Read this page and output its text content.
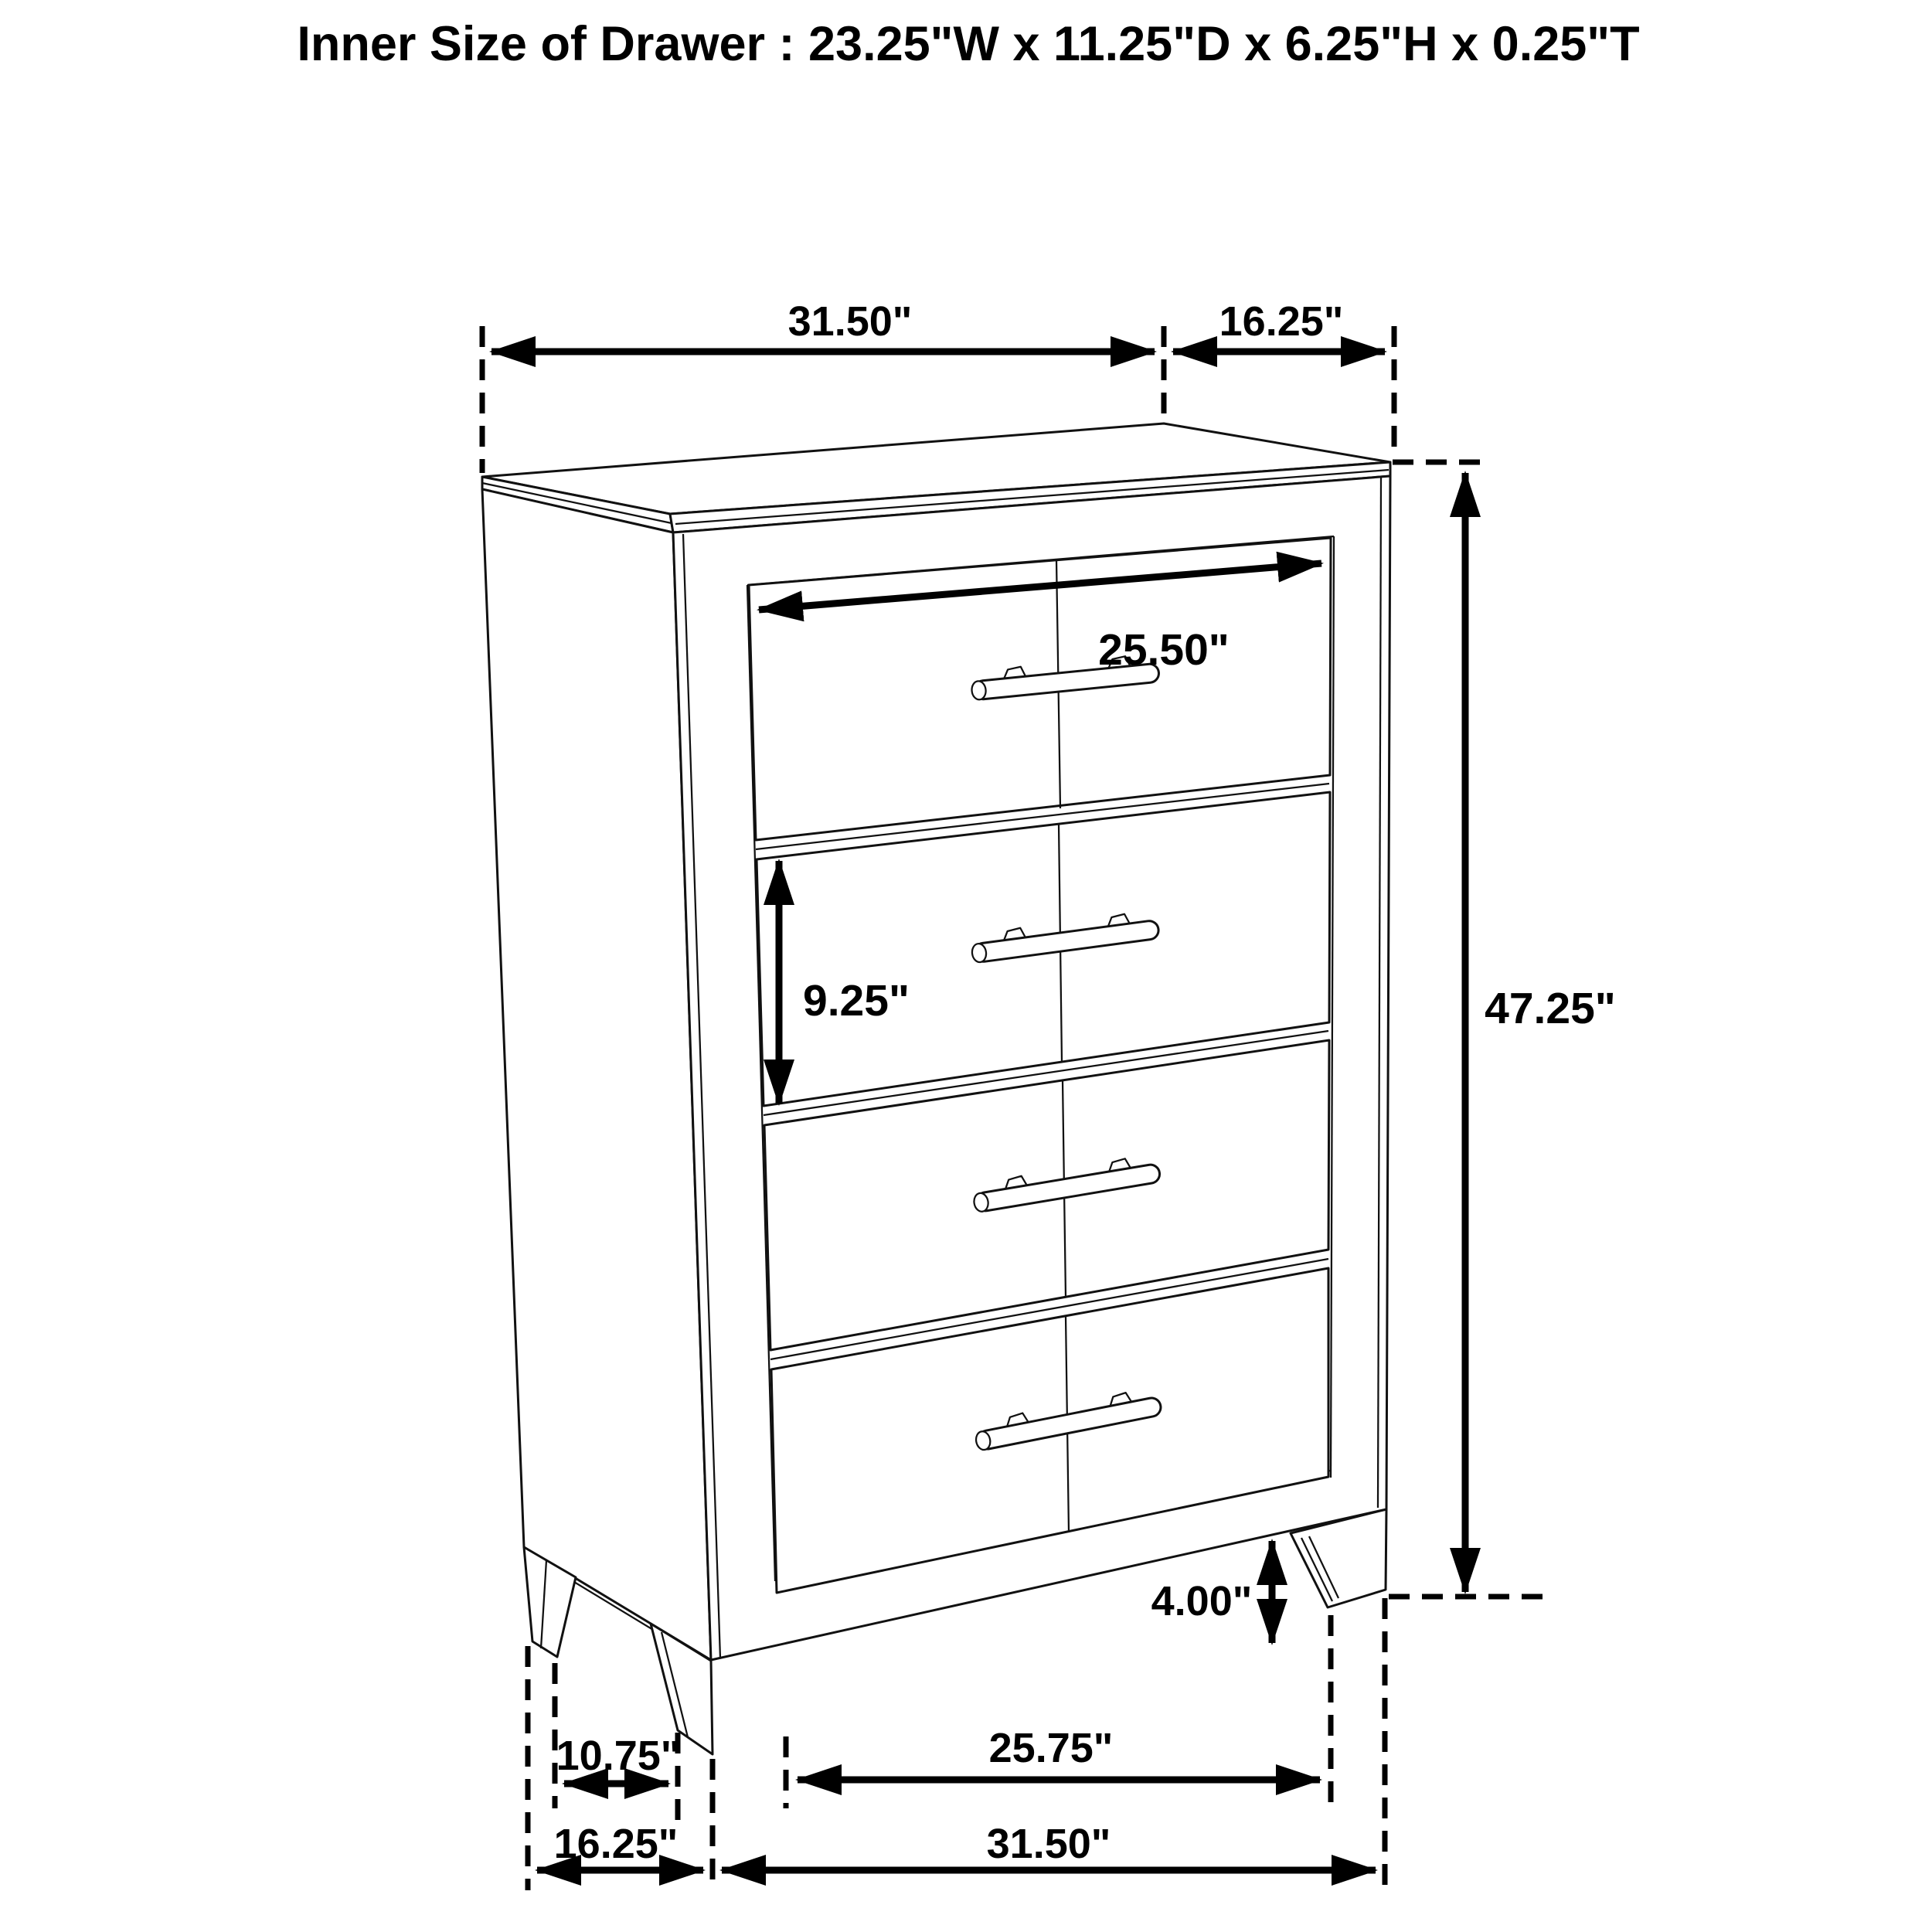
31.50"	16.25"
25.50"
9.25"	47.25"
4.00"
10.75"
16.25"
25.75"
31.50"
Inner Size of Drawer : 23.25"W x 11.25"D x 6.25"H x 0.25"T
